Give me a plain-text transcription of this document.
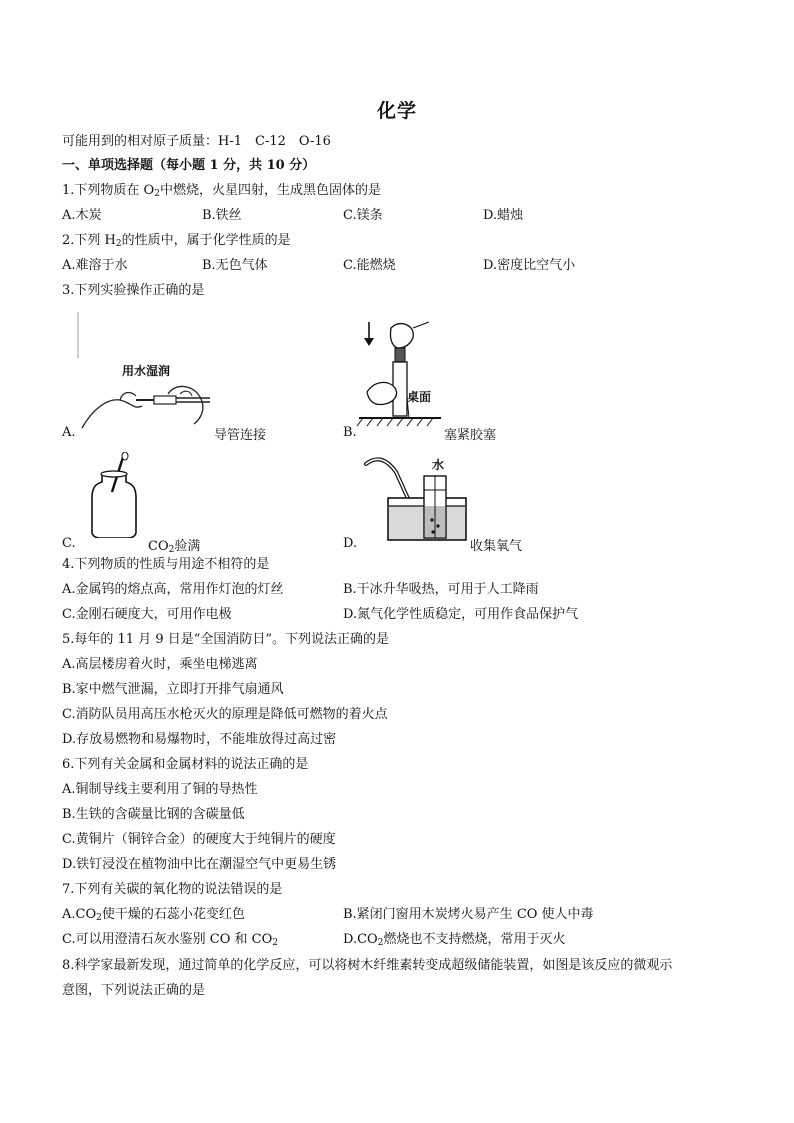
化学
可能用到的相对原子质量：H-1　C-12　O-16
一、单项选择题（每小题 1 分，共 10 分）
1.下列物质在 $O_2$中燃烧，火星四射，生成黑色固体的是
A.木炭	B.铁丝	C.镁条	D.蜡烛
2.下列 $H_2$的性质中，属于化学性质的是
A.难溶于水	B.无色气体	C.能燃烧	D.密度比空气小
3.下列实验操作正确的是
用水湿润
A.	导管连接
桌面
B.	塞紧胶塞
C.	$CO_2$验满
水
D.	收集氧气
4.下列物质的性质与用途不相符的是
A.金属钨的熔点高，常用作灯泡的灯丝	B.干冰升华吸热，可用于人工降雨
C.金刚石硬度大，可用作电极	D.氮气化学性质稳定，可用作食品保护气
5.每年的 11 月 9 日是“全国消防日”。下列说法正确的是
A.高层楼房着火时，乘坐电梯逃离
B.家中燃气泄漏，立即打开排气扇通风
C.消防队员用高压水枪灭火的原理是降低可燃物的着火点
D.存放易燃物和易爆物时，不能堆放得过高过密
6.下列有关金属和金属材料的说法正确的是
A.铜制导线主要利用了铜的导热性
B.生铁的含碳量比钢的含碳量低
C.黄铜片（铜锌合金）的硬度大于纯铜片的硬度
D.铁钉浸没在植物油中比在潮湿空气中更易生锈
7.下列有关碳的氧化物的说法错误的是
$A.CO_2$使干燥的石蕊小花变红色	B.紧闭门窗用木炭烤火易产生 CO 使人中毒
C.可以用澄清石灰水鉴别 CO 和 $CO_2$	$D.CO_2$燃烧也不支持燃烧，常用于灭火
8.科学家最新发现，通过简单的化学反应，可以将树木纤维素转变成超级储能装置，如图是该反应的微观示
意图，下列说法正确的是
